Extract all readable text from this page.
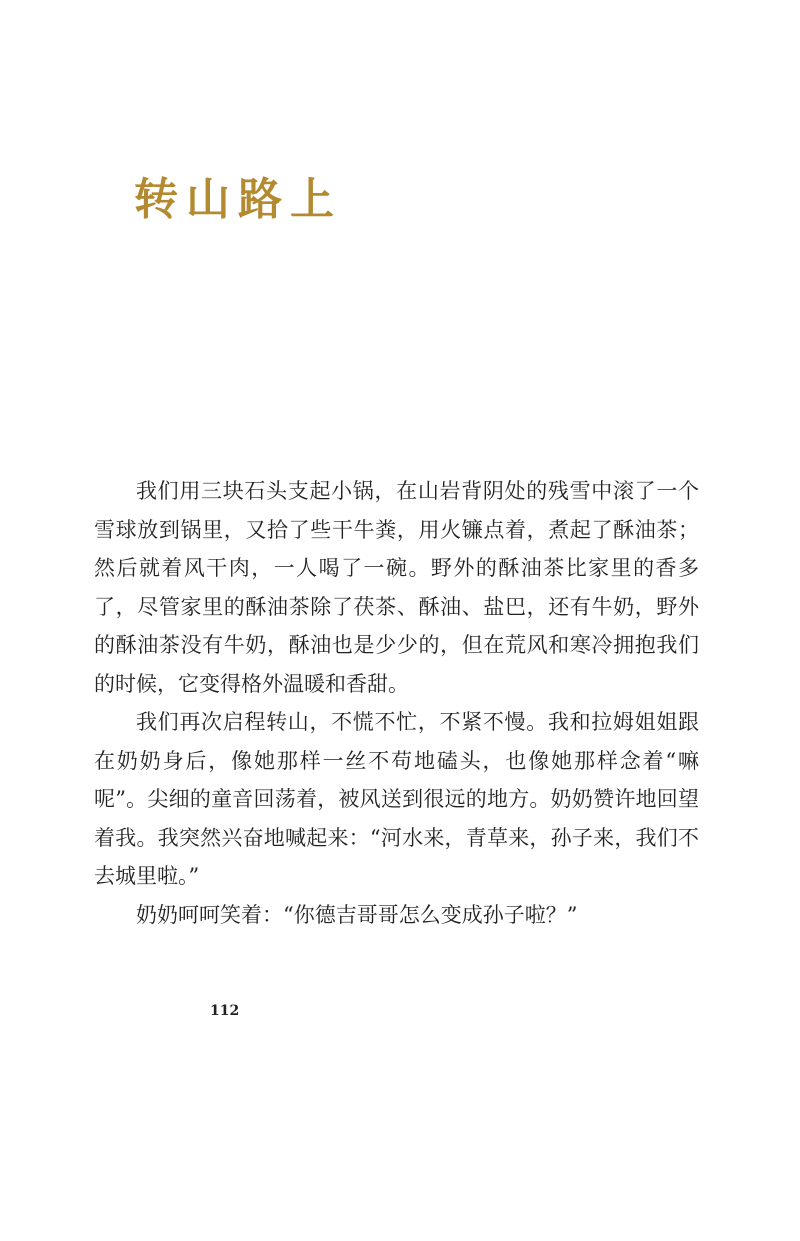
转山路上

我们用三块石头支起小锅，在山岩背阴处的残雪中滚了一个雪球放到锅里，又拾了些干牛粪，用火镰点着，煮起了酥油茶；然后就着风干肉，一人喝了一碗。野外的酥油茶比家里的香多了，尽管家里的酥油茶除了茯茶、酥油、盐巴，还有牛奶，野外的酥油茶没有牛奶，酥油也是少少的，但在荒风和寒冷拥抱我们的时候，它变得格外温暖和香甜。

我们再次启程转山，不慌不忙，不紧不慢。我和拉姆姐姐跟在奶奶身后，像她那样一丝不苟地磕头，也像她那样念着“嘛呢”。尖细的童音回荡着，被风送到很远的地方。奶奶赞许地回望着我。我突然兴奋地喊起来：“河水来，青草来，孙子来，我们不去城里啦。”

奶奶呵呵笑着：“你德吉哥哥怎么变成孙子啦？”

112
